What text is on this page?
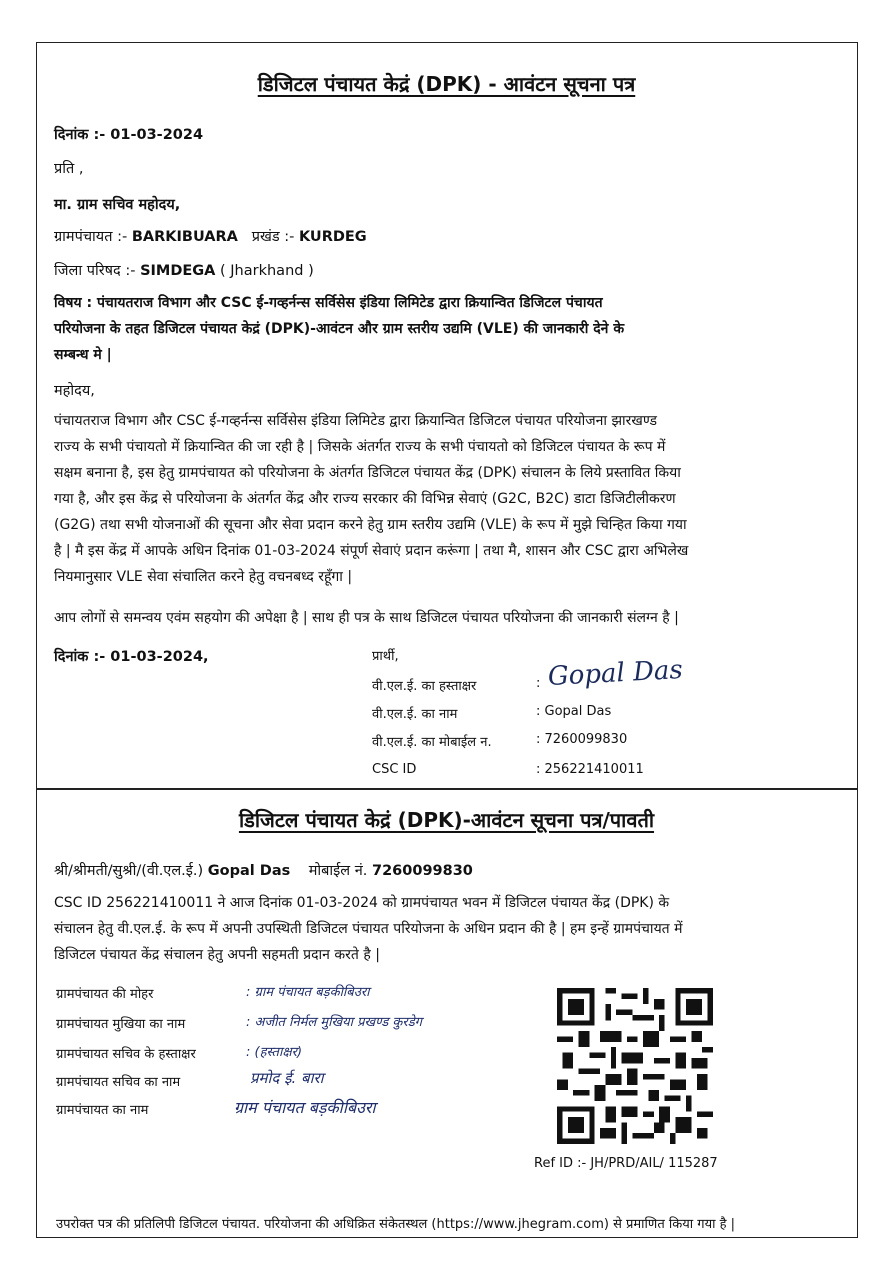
डिजिटल पंचायत केद्रं (DPK) - आवंटन सूचना पत्र
दिनांक :- 01-03-2024
प्रति ,
मा. ग्राम सचिव महोदय,
ग्रामपंचायत :- BARKIBUARA प्रखंड :- KURDEG
जिला परिषद :- SIMDEGA ( Jharkhand )
विषय : पंचायतराज विभाग और CSC ई-गव्हर्नन्स सर्विसेस इंडिया लिमिटेड द्वारा क्रियान्वित डिजिटल पंचायत
परियोजना के तहत डिजिटल पंचायत केद्रं (DPK)-आवंटन और ग्राम स्तरीय उद्यमि (VLE) की जानकारी देने के
सम्बन्ध मे |
महोदय,
पंचायतराज विभाग और CSC ई-गव्हर्नन्स सर्विसेस इंडिया लिमिटेड द्वारा क्रियान्वित डिजिटल पंचायत परियोजना झारखण्ड
राज्य के सभी पंचायतो में क्रियान्वित की जा रही है | जिसके अंतर्गत राज्य के सभी पंचायतो को डिजिटल पंचायत के रूप में
सक्षम बनाना है, इस हेतु ग्रामपंचायत को परियोजना के अंतर्गत डिजिटल पंचायत केंद्र (DPK) संचालन के लिये प्रस्तावित किया
गया है, और इस केंद्र से परियोजना के अंतर्गत केंद्र और राज्य सरकार की विभिन्न सेवाएं (G2C, B2C) डाटा डिजिटीलीकरण
(G2G) तथा सभी योजनाओं की सूचना और सेवा प्रदान करने हेतु ग्राम स्तरीय उद्यमि (VLE) के रूप में मुझे चिन्हित किया गया
है | मै इस केंद्र में आपके अधिन दिनांक 01-03-2024 संपूर्ण सेवाएं प्रदान करूंगा | तथा मै, शासन और CSC द्वारा अभिलेख
नियमानुसार VLE सेवा संचालित करने हेतु वचनबध्द रहूँगा |
आप लोगों से समन्वय एवंम सहयोग की अपेक्षा है | साथ ही पत्र के साथ डिजिटल पंचायत परियोजना की जानकारी संलग्न है |
दिनांक :- 01-03-2024,	प्रार्थी,
वी.एल.ई. का हस्ताक्षर	: Gopal Das
वी.एल.ई. का नाम	: Gopal Das
वी.एल.ई. का मोबाईल न.	: 7260099830
CSC ID	: 256221410011
डिजिटल पंचायत केद्रं (DPK)-आवंटन सूचना पत्र/पावती
श्री/श्रीमती/सुश्री/(वी.एल.ई.) Gopal Das मोबाईल नं. 7260099830
CSC ID 256221410011 ने आज दिनांक 01-03-2024 को ग्रामपंचायत भवन में डिजिटल पंचायत केंद्र (DPK) के
संचालन हेतु वी.एल.ई. के रूप में अपनी उपस्थिती डिजिटल पंचायत परियोजना के अधिन प्रदान की है | हम इन्हें ग्रामपंचायत में
डिजिटल पंचायत केंद्र संचालन हेतु अपनी सहमती प्रदान करते है |
ग्रामपंचायत की मोहर	: ग्राम पंचायत बड़कीबिउरा
ग्रामपंचायत मुखिया का नाम	: अजीत निर्मल मुखिया प्रखण्ड कुरडेग
ग्रामपंचायत सचिव के हस्ताक्षर	: (हस्ताक्षर)
ग्रामपंचायत सचिव का नाम	प्रमोद ई. बारा
ग्रामपंचायत का नाम	ग्राम पंचायत बड़कीबिउरा
Ref ID :- JH/PRD/AIL/ 115287
उपरोक्त पत्र की प्रतिलिपी डिजिटल पंचायत. परियोजना की अधिक्रित संकेतस्थल (https://www.jhegram.com) से प्रमाणित किया गया है |
